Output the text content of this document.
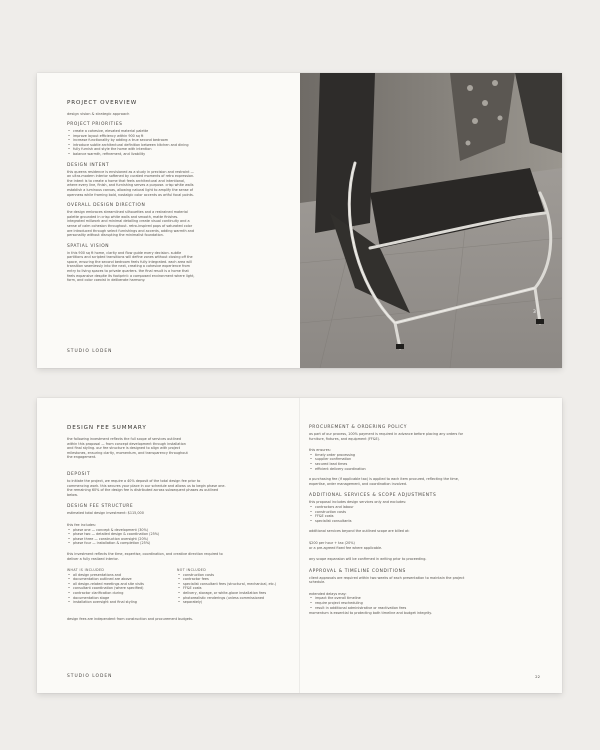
PROJECT OVERVIEW
design vision & strategic approach
PROJECT PRIORITIES
• create a cohesive, elevated material palette
• improve layout efficiency within 900 sq ft
• increase functionality by adding a true second bedroom
• introduce subtle architectural definition between kitchen and dining
• fully furnish and style the home with intention
• balance warmth, refinement, and livability
DESIGN INTENT

this queens residence is envisioned as a study in precision and restraint —

an ultra-modern interior softened by curated moments of retro expression.

the intent is to create a home that feels architectural and intentional,

where every line, finish, and furnishing serves a purpose. crisp white walls

establish a luminous canvas, allowing natural light to amplify the sense of

openness while framing bold, nostalgic color accents as artful focal points.

OVERALL DESIGN DIRECTION

the design embraces streamlined silhouettes and a restrained material

palette grounded in crisp white walls and smooth, matte finishes.

integrated millwork and minimal detailing create visual continuity and a

sense of calm cohesion throughout. retro-inspired pops of saturated color

are introduced through select furnishings and accents, adding warmth and

personality without disrupting the minimalist foundation.

SPATIAL VISION

in this 900 sq ft home, clarity and flow guide every decision. subtle

partitions and scripted transitions will define zones without closing off the

space, ensuring the second bedroom feels fully integrated. each area will

transition seamlessly into the next, creating a cohesive experience from

entry to living spaces to private quarters. the final result is a home that

feels expansive despite its footprint: a composed environment where light,

form, and color coexist in deliberate harmony.

STUDIO LODEN
3
DESIGN FEE SUMMARY

the following investment reflects the full scope of services outlined

within this proposal — from concept development through installation

and final styling. our fee structure is designed to align with project

milestones, ensuring clarity, momentum, and transparency throughout

the engagement.

DEPOSIT

to initiate the project, we require a 40% deposit of the total design fee prior to

commencing work. this secures your place in our schedule and allows us to begin phase one.

the remaining 60% of the design fee is distributed across subsequent phases as outlined

below.

DESIGN FEE STRUCTURE

estimated total design investment: $115,000

this fee includes:

• phase one — concept & development (30%)
• phase two — detailed design & coordination (25%)
• phase three — construction oversight (20%)
• phase four — installation & completion (25%)

this investment reflects the time, expertise, coordination, and creative direction required to

deliver a fully realized interior.

WHAT IS INCLUDED

• all design presentations and
• documentation outlined are above
• all design-related meetings and site visits
• consultant coordination (where specified)
• contractor clarification during
• documentation stage
• installation oversight and final styling

NOT INCLUDED

• construction costs
• contractor fees
• specialist consultant fees (structural, mechanical, etc.)
• FF&E costs
• delivery, storage, or white-glove installation fees
• photorealistic renderings (unless commissioned
• separately)

design fees are independent from construction and procurement budgets.

STUDIO LODEN
PROCUREMENT & ORDERING POLICY

as part of our process, 100% payment is required in advance before placing any orders for

furniture, fixtures, and equipment (FF&E).

this ensures:

• timely order processing
• supplier confirmation
• secured lead times
• efficient delivery coordination

a purchasing fee (if applicable tax) is applied to each item procured, reflecting the time,

expertise, order management, and coordination involved.

ADDITIONAL SERVICES & SCOPE ADJUSTMENTS

this proposal includes design services only and excludes:

• contractors and labour
• construction costs
• FF&E costs
• specialist consultants

additional services beyond the outlined scope are billed at:

$200 per hour + tax (20%)

or a pre-agreed fixed fee where applicable.

any scope expansion will be confirmed in writing prior to proceeding.

APPROVAL & TIMELINE CONDITIONS

client approvals are required within two weeks of each presentation to maintain the project

schedule.

extended delays may:

• impact the overall timeline
• require project rescheduling
• result in additional administrative or reactivation fees

momentum is essential to protecting both timeline and budget integrity.

22
